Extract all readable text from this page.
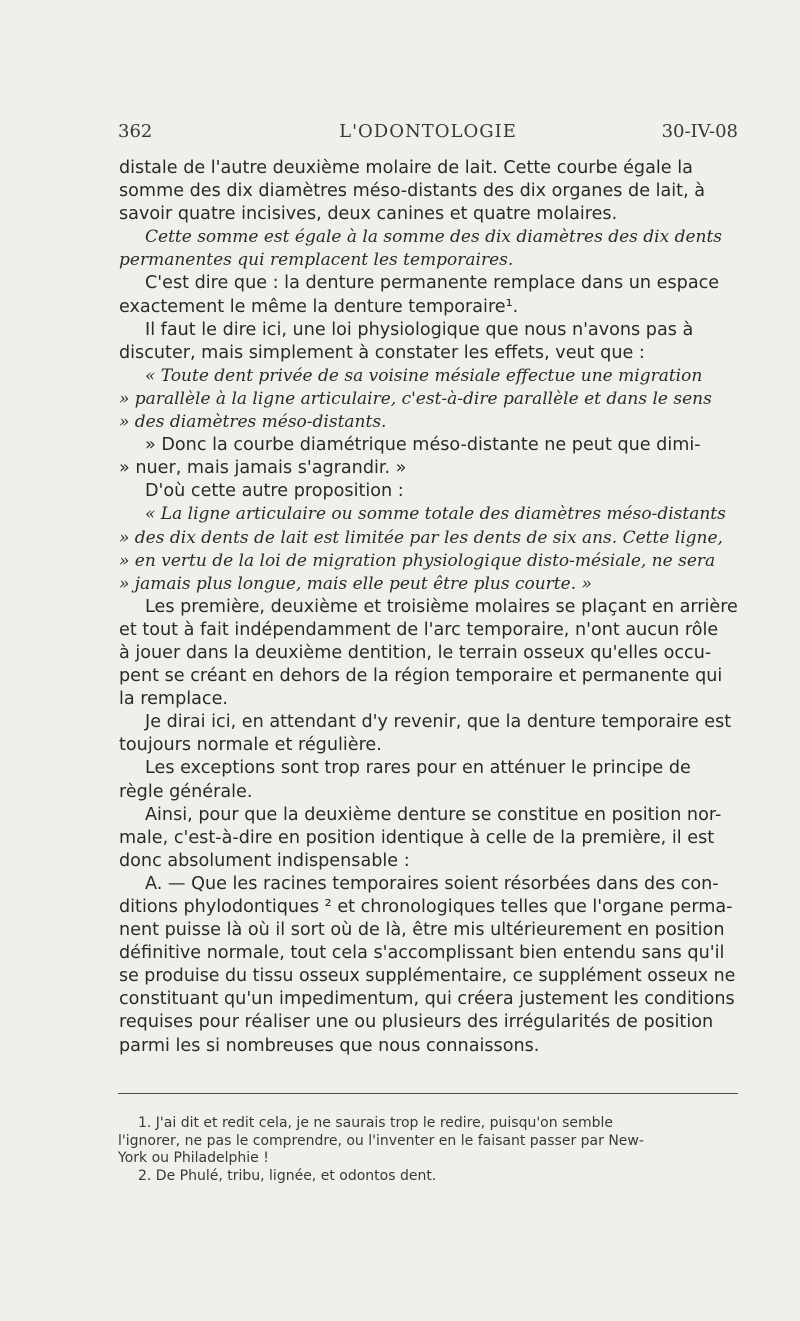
362	L'ODONTOLOGIE	30-IV-08
distale de l'autre deuxième molaire de lait. Cette courbe égale la
somme des dix diamètres méso-distants des dix organes de lait, à
savoir quatre incisives, deux canines et quatre molaires.
Cette somme est égale à la somme des dix diamètres des dix dents
permanentes qui remplacent les temporaires.
C'est dire que : la denture permanente remplace dans un espace
exactement le même la denture temporaire¹.
Il faut le dire ici, une loi physiologique que nous n'avons pas à
discuter, mais simplement à constater les effets, veut que :
« Toute dent privée de sa voisine mésiale effectue une migration
» parallèle à la ligne articulaire, c'est-à-dire parallèle et dans le sens
» des diamètres méso-distants.
» Donc la courbe diamétrique méso-distante ne peut que dimi-
» nuer, mais jamais s'agrandir. »
D'où cette autre proposition :
« La ligne articulaire ou somme totale des diamètres méso-distants
» des dix dents de lait est limitée par les dents de six ans. Cette ligne,
» en vertu de la loi de migration physiologique disto-mésiale, ne sera
» jamais plus longue, mais elle peut être plus courte. »
Les première, deuxième et troisième molaires se plaçant en arrière
et tout à fait indépendamment de l'arc temporaire, n'ont aucun rôle
à jouer dans la deuxième dentition, le terrain osseux qu'elles occu-
pent se créant en dehors de la région temporaire et permanente qui
la remplace.
Je dirai ici, en attendant d'y revenir, que la denture temporaire est
toujours normale et régulière.
Les exceptions sont trop rares pour en atténuer le principe de
règle générale.
Ainsi, pour que la deuxième denture se constitue en position nor-
male, c'est-à-dire en position identique à celle de la première, il est
donc absolument indispensable :
A. — Que les racines temporaires soient résorbées dans des con-
ditions phylodontiques ² et chronologiques telles que l'organe perma-
nent puisse là où il sort où de là, être mis ultérieurement en position
définitive normale, tout cela s'accomplissant bien entendu sans qu'il
se produise du tissu osseux supplémentaire, ce supplément osseux ne
constituant qu'un impedimentum, qui créera justement les conditions
requises pour réaliser une ou plusieurs des irrégularités de position
parmi les si nombreuses que nous connaissons.
1. J'ai dit et redit cela, je ne saurais trop le redire, puisqu'on semble
l'ignorer, ne pas le comprendre, ou l'inventer en le faisant passer par New-
York ou Philadelphie !
2. De Phulé, tribu, lignée, et odontos dent.
